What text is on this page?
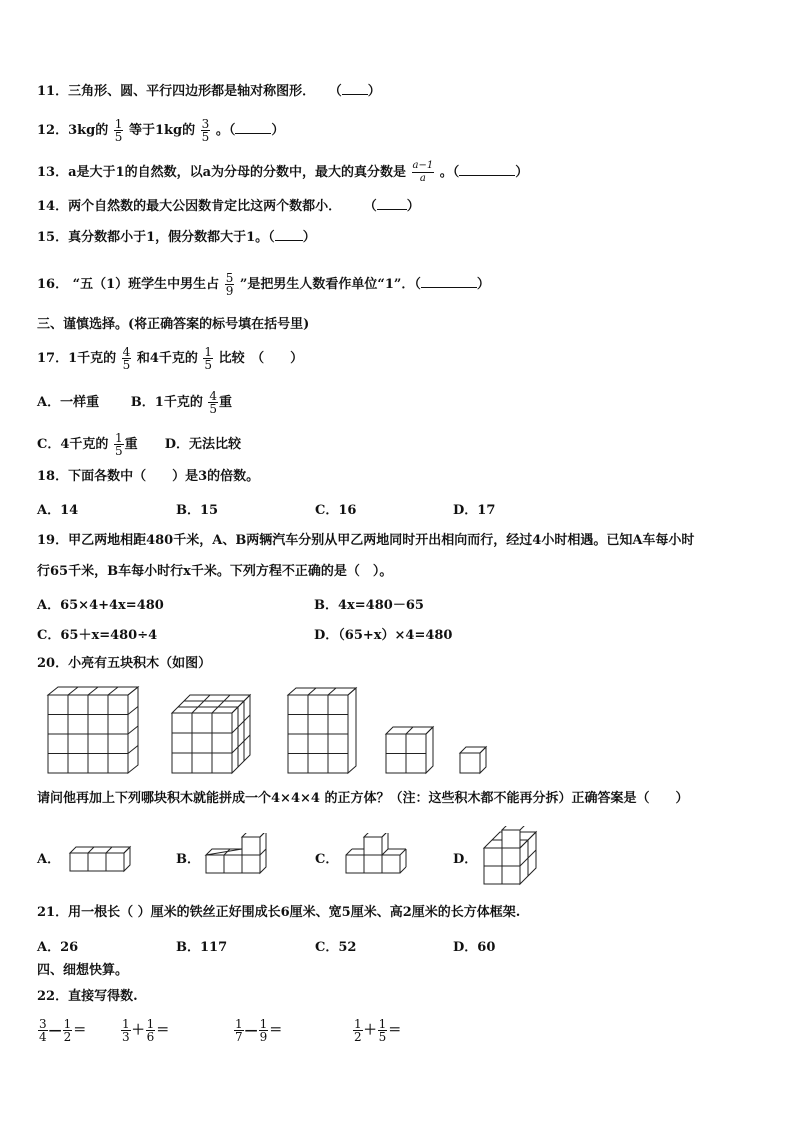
11．三角形、圆、平行四边形都是轴对称图形． （ ）
12．3kg的 $\frac{1}{5}$ 等于1kg的 $\frac{3}{5}$ 。（	）
13．a是大于1的自然数，以a为分母的分数中，最大的真分数是 $\frac{a-1}{a}$ 。（	）
14．两个自然数的最大公因数肯定比这两个数都小． （ ）
15．真分数都小于1，假分数都大于1。（ ）
16． “五（1）班学生中男生占 $\frac{5}{9}$ ”是把男生人数看作单位“1”．（	）
三、谨慎选择。(将正确答案的标号填在括号里)
17．1千克的 $\frac{4}{5}$ 和4千克的 $\frac{1}{5}$ 比较　（　　）
A．一样重 B．1千克的 $\frac{4}{5}$ 重
C．4千克的 $\frac{1}{5}$ 重 D．无法比较
18．下面各数中（　　）是3的倍数。
A．14	B．15	C．16	D．17
19．甲乙两地相距480千米，A、B两辆汽车分别从甲乙两地同时开出相向而行，经过4小时相遇。已知A车每小时
行65千米，B车每小时行x千米。下列方程不正确的是（　）。
A．65×4+4x=480	B．4x=480－65
C．65＋x=480÷4	D．（65+x）×4=480
20．小亮有五块积木（如图）
请问他再加上下列哪块积木就能拼成一个4×4×4 的正方体？（注：这些积木都不能再分拆）正确答案是（　　）
A．	B．	C．	D．
21．用一根长（ ）厘米的铁丝正好围成长6厘米、宽5厘米、高2厘米的长方体框架.
A．26	B．117	C．52	D．60
四、细想快算。
22．直接写得数.
$\frac{3}{4}$ — $\frac{1}{2}$ ＝	$\frac{1}{3} + \frac{1}{6}$ ＝	$\frac{1}{7}$ — $\frac{1}{9}$ ＝	$\frac{1}{2} + \frac{1}{5}$ ＝
